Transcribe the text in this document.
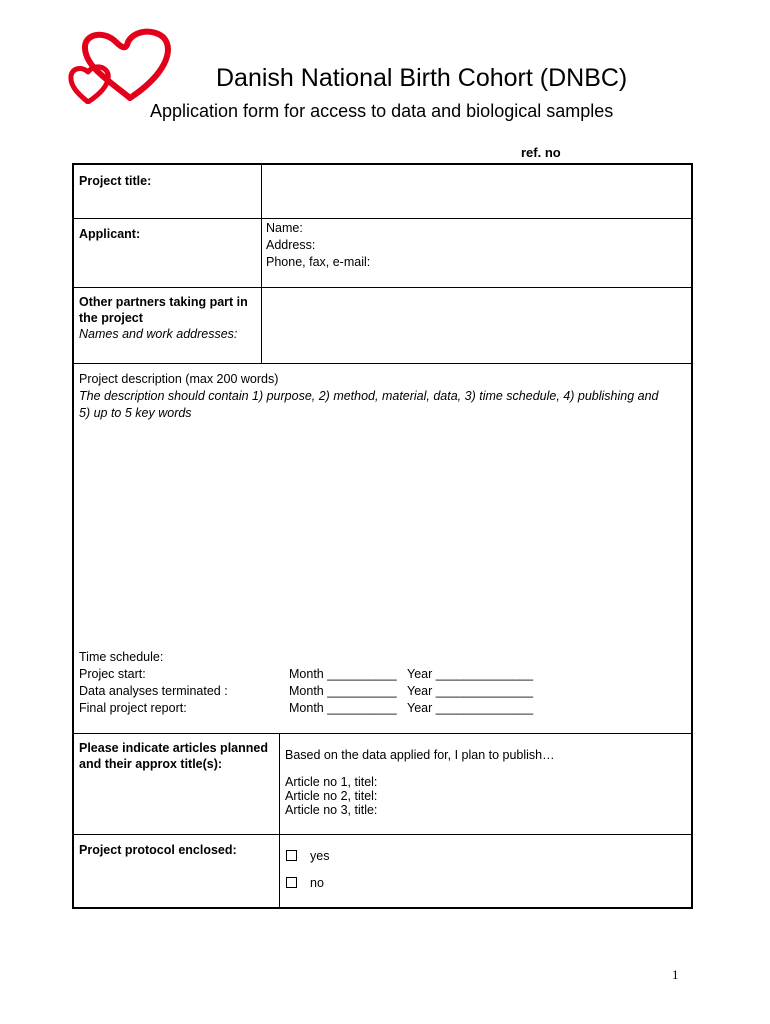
Danish National Birth Cohort (DNBC)
Application form for access to data and biological samples
ref. no
Project title:
Applicant:	Name:
Address:
Phone, fax, e-mail:
Other partners taking part in
the project
Names and work addresses:
Project description (max 200 words)
The description should contain 1) purpose, 2) method, material, data, 3) time schedule, 4) publishing and
5) up to 5 key words
Time schedule:
Projec start:	Month __________ Year ______________
Data analyses terminated :	Month __________ Year ______________
Final project report:	Month __________ Year ______________
Please indicate articles planned
and their approx title(s):
Based on the data applied for, I plan to publish…
Article no 1, titel:
Article no 2, titel:
Article no 3, title:
Project protocol enclosed:	yes
no
1
